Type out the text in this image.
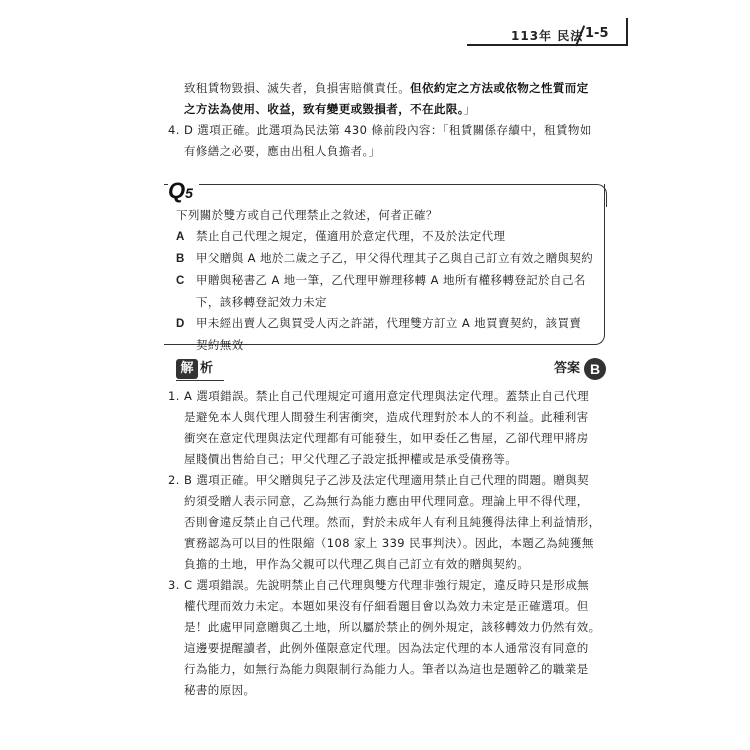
113年 民法 1-5
致租賃物毀損、滅失者，負損害賠償責任。但依約定之方法或依物之性質而定
之方法為使用、收益，致有變更或毀損者，不在此限。」
4. D 選項正確。此選項為民法第 430 條前段內容：「租賃關係存續中，租賃物如
有修繕之必要，應由出租人負擔者。」
Q5
下列關於雙方或自己代理禁止之敘述，何者正確？
A 禁止自己代理之規定，僅適用於意定代理，不及於法定代理
B 甲父贈與 A 地於二歲之子乙，甲父得代理其子乙與自己訂立有效之贈與契約
C 甲贈與秘書乙 A 地一筆，乙代理甲辦理移轉 A 地所有權移轉登記於自己名
下，該移轉登記效力未定
D 甲未經出賣人乙與買受人丙之許諾，代理雙方訂立 A 地買賣契約，該買賣
契約無效
解 析	答案 B
1. A 選項錯誤。禁止自己代理規定可適用意定代理與法定代理。蓋禁止自己代理
是避免本人與代理人間發生利害衝突，造成代理對於本人的不利益。此種利害
衝突在意定代理與法定代理都有可能發生，如甲委任乙售屋，乙卻代理甲將房
屋賤價出售給自己；甲父代理乙子設定抵押權或是承受債務等。
2. B 選項正確。甲父贈與兒子乙涉及法定代理適用禁止自己代理的問題。贈與契
約須受贈人表示同意，乙為無行為能力應由甲代理同意。理論上甲不得代理，
否則會違反禁止自己代理。然而，對於未成年人有利且純獲得法律上利益情形，
實務認為可以目的性限縮（108 家上 339 民事判決）。因此，本題乙為純獲無
負擔的土地，甲作為父親可以代理乙與自己訂立有效的贈與契約。
3. C 選項錯誤。先說明禁止自己代理與雙方代理非強行規定，違反時只是形成無
權代理而效力未定。本題如果沒有仔細看題目會以為效力未定是正確選項。但
是！此處甲同意贈與乙土地，所以屬於禁止的例外規定，該移轉效力仍然有效。
這邊要提醒讀者，此例外僅限意定代理。因為法定代理的本人通常沒有同意的
行為能力，如無行為能力與限制行為能力人。筆者以為這也是題幹乙的職業是
秘書的原因。
